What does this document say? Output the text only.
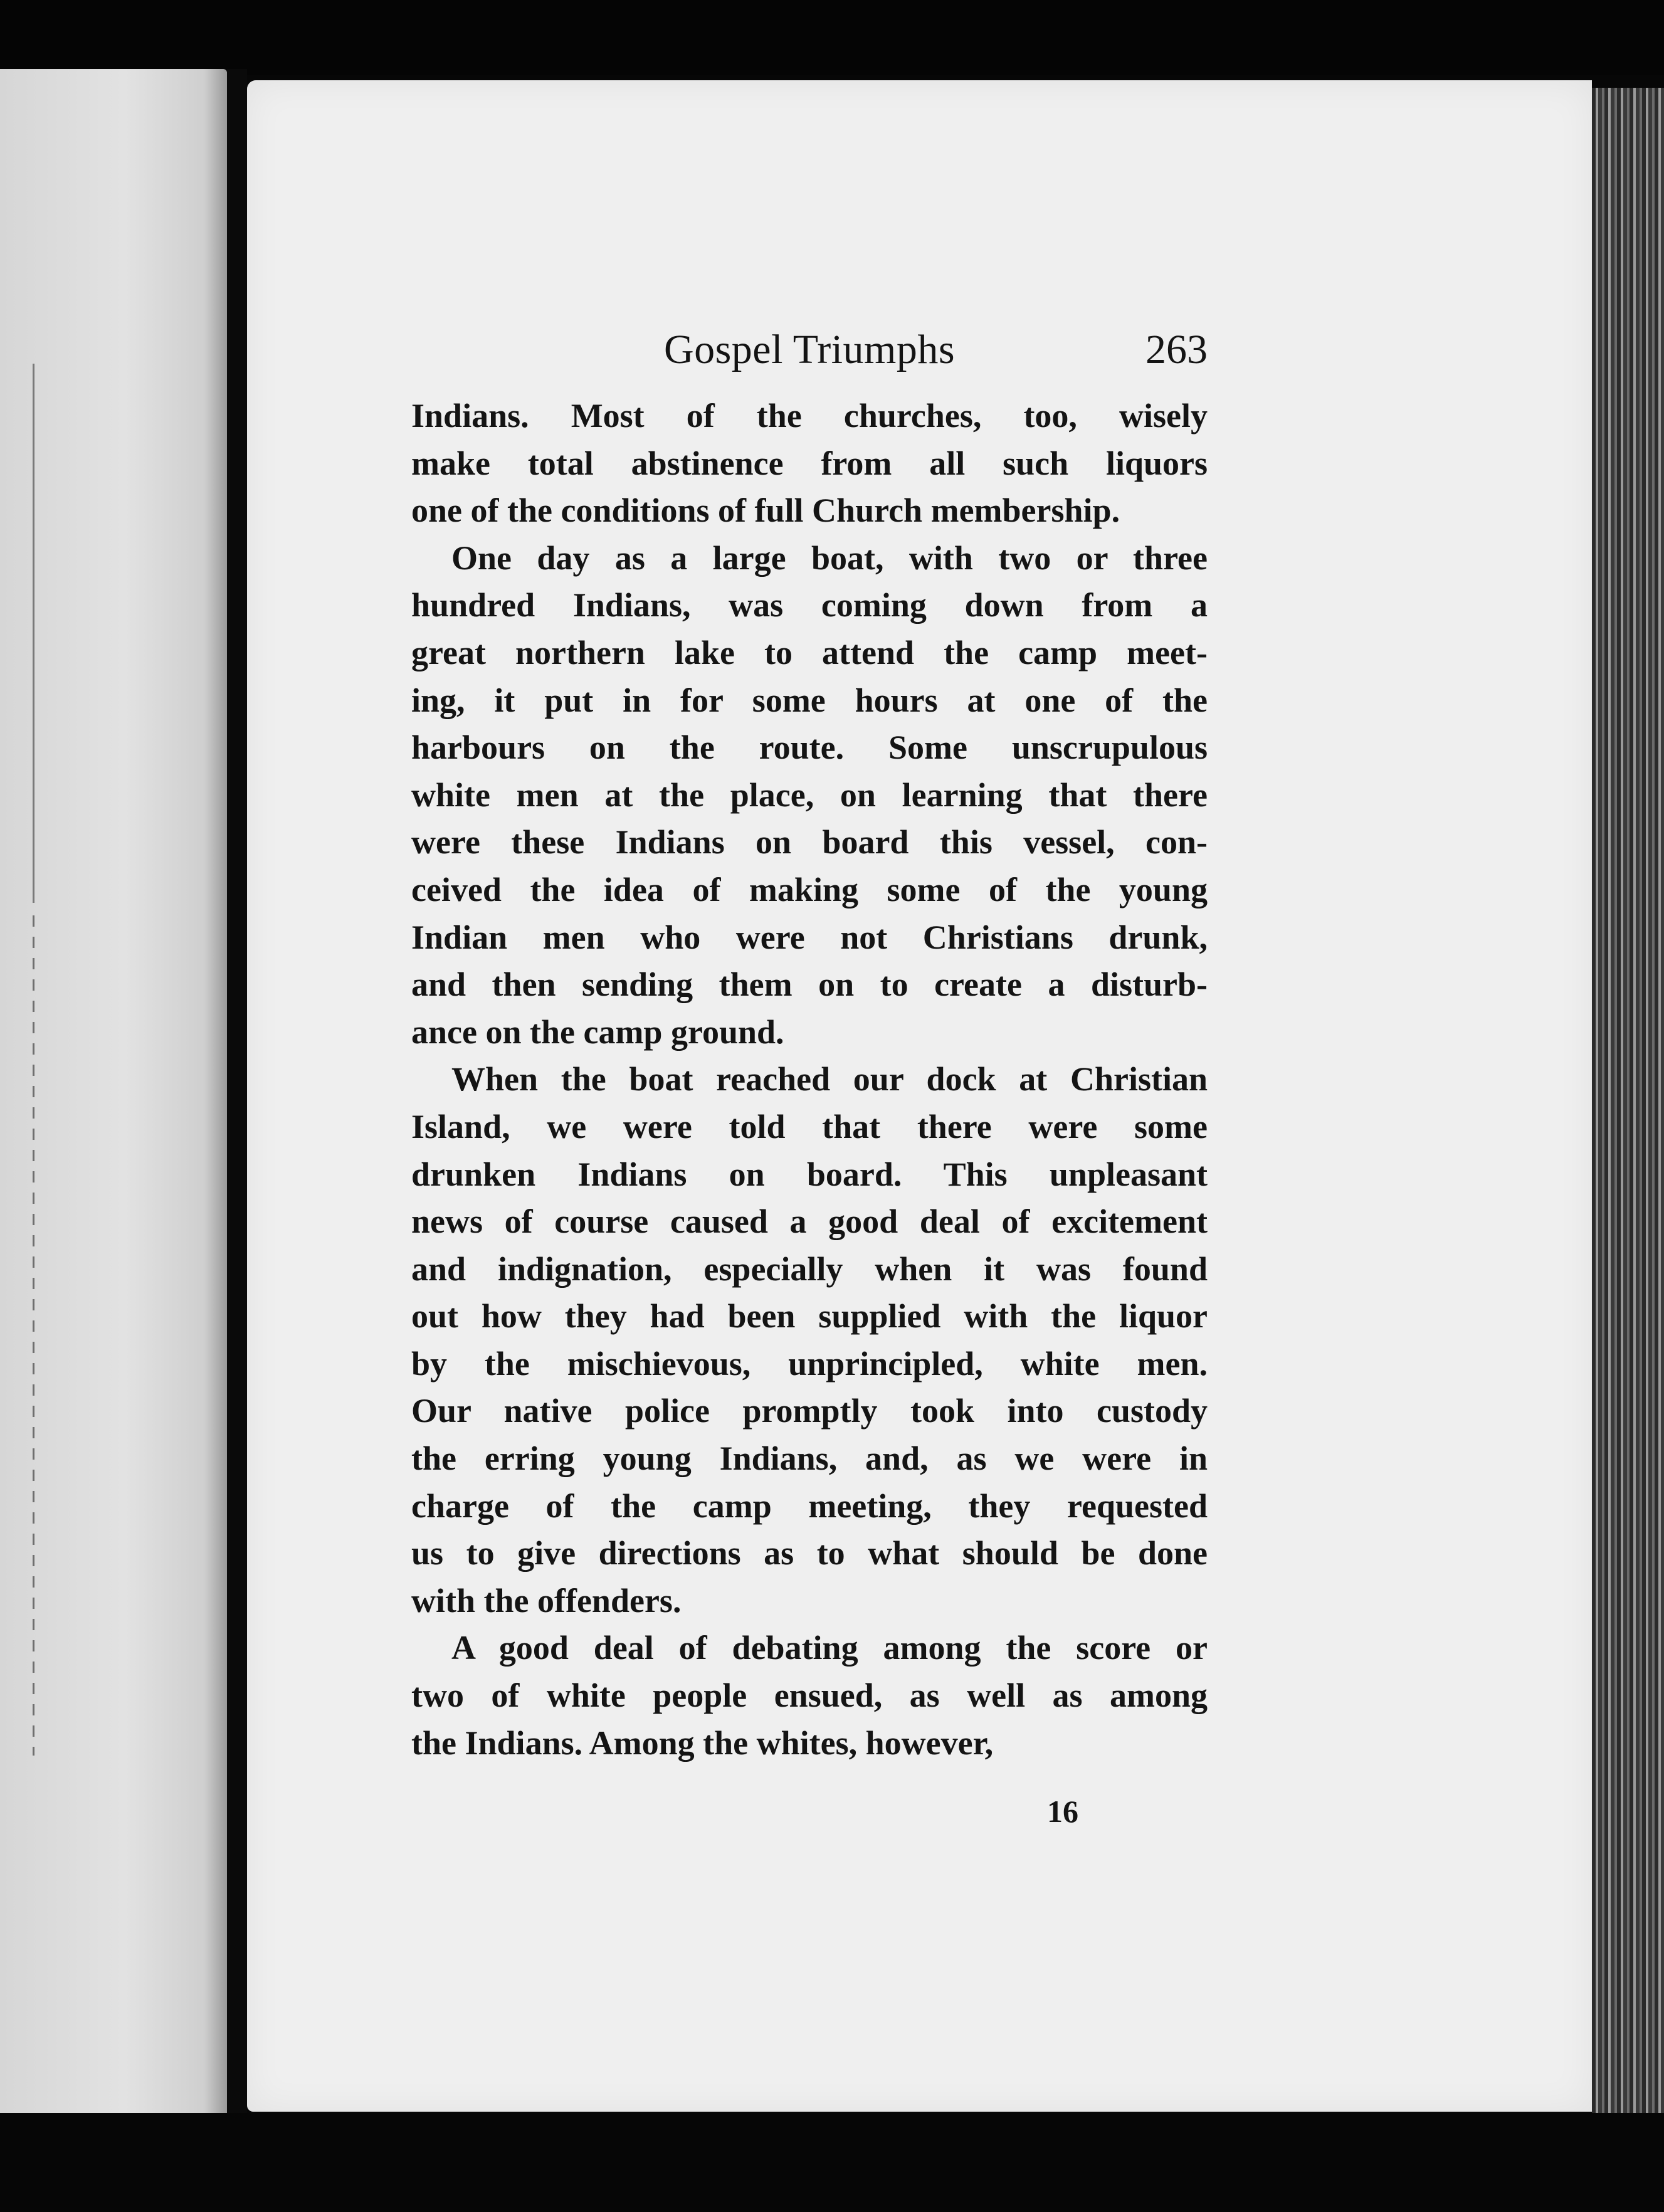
Gospel Triumphs	263
Indians. Most of the churches, too, wisely
make total abstinence from all such liquors
one of the conditions of full Church membership.
One day as a large boat, with two or three
hundred Indians, was coming down from a
great northern lake to attend the camp meet-
ing, it put in for some hours at one of the
harbours on the route. Some unscrupulous
white men at the place, on learning that there
were these Indians on board this vessel, con-
ceived the idea of making some of the young
Indian men who were not Christians drunk,
and then sending them on to create a disturb-
ance on the camp ground.
When the boat reached our dock at Christian
Island, we were told that there were some
drunken Indians on board. This unpleasant
news of course caused a good deal of excitement
and indignation, especially when it was found
out how they had been supplied with the liquor
by the mischievous, unprincipled, white men.
Our native police promptly took into custody
the erring young Indians, and, as we were in
charge of the camp meeting, they requested
us to give directions as to what should be done
with the offenders.
A good deal of debating among the score or
two of white people ensued, as well as among
the Indians. Among the whites, however,
16
